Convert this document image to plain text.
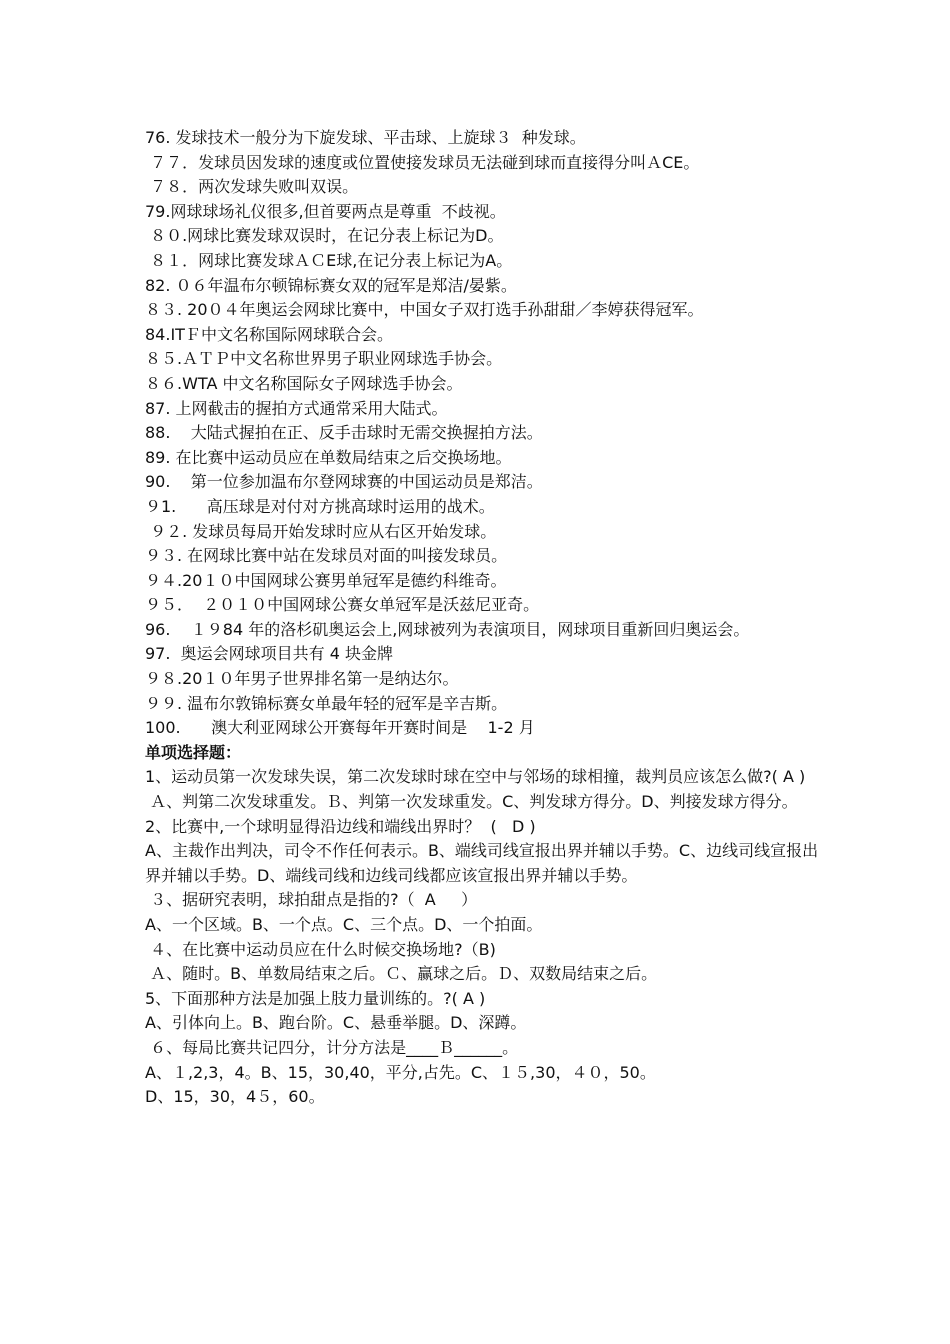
76. 发球技术一般分为下旋发球、平击球、上旋球３  种发球。

７７．发球员因发球的速度或位置使接发球员无法碰到球而直接得分叫ＡCE。

７８．两次发球失败叫双误。

79.网球球场礼仪很多,但首要两点是尊重  不歧视。

８０.网球比赛发球双误时，在记分表上标记为D。

８１．网球比赛发球ＡＣE球,在记分表上标记为A。

82. ０６年温布尔顿锦标赛女双的冠军是郑洁/晏紫。

８３. 20０４年奥运会网球比赛中，中国女子双打选手孙甜甜／李婷获得冠军。

84.ITＦ中文名称国际网球联合会。

８５.ＡＴＰ中文名称世界男子职业网球选手协会。

８６.WTA 中文名称国际女子网球选手协会。

87. 上网截击的握拍方式通常采用大陆式。

88.    大陆式握拍在正、反手击球时无需交换握拍方法。

89. 在比赛中运动员应在单数局结束之后交换场地。

90.    第一位参加温布尔登网球赛的中国运动员是郑洁。

９1.      高压球是对付对方挑高球时运用的战术。

９２. 发球员每局开始发球时应从右区开始发球。

９３. 在网球比赛中站在发球员对面的叫接发球员。

９４.20１０中国网球公赛男单冠军是德约科维奇。

９５．  ２０１０中国网球公赛女单冠军是沃兹尼亚奇。

96.    １９84 年的洛杉矶奥运会上,网球被列为表演项目，网球项目重新回归奥运会。

97.  奥运会网球项目共有 4 块金牌

９８.20１０年男子世界排名第一是纳达尔。

９９. 温布尔敦锦标赛女单最年轻的冠军是辛吉斯。

100.      澳大利亚网球公开赛每年开赛时间是    1-2 月

单项选择题：

1、运动员第一次发球失误，第二次发球时球在空中与邻场的球相撞，裁判员应该怎么做?( A )

Ａ、判第二次发球重发。Ｂ、判第一次发球重发。C、判发球方得分。D、判接发球方得分。

2、比赛中,一个球明显得沿边线和端线出界时？  (   D )

A、主裁作出判决，司令不作任何表示。B、端线司线宣报出界并辅以手势。C、边线司线宣报出界并辅以手势。D、端线司线和边线司线都应该宣报出界并辅以手势。

３、据研究表明，球拍甜点是指的?（  A     ）

A、一个区域。B、一个点。C、三个点。D、一个拍面。

４、在比赛中运动员应在什么时候交换场地?（B)

Ａ、随时。B、单数局结束之后。Ｃ、赢球之后。Ｄ、双数局结束之后。

5、下面那种方法是加强上肢力量训练的。?( A )

A、引体向上。B、跑台阶。C、悬垂举腿。D、深蹲。

６、每局比赛共记四分，计分方法是____Ｂ______。

A、１,2,3，4。B、15，30,40，平分,占先。C、１５,30，４０，50。

D、15，30，4５，60。
